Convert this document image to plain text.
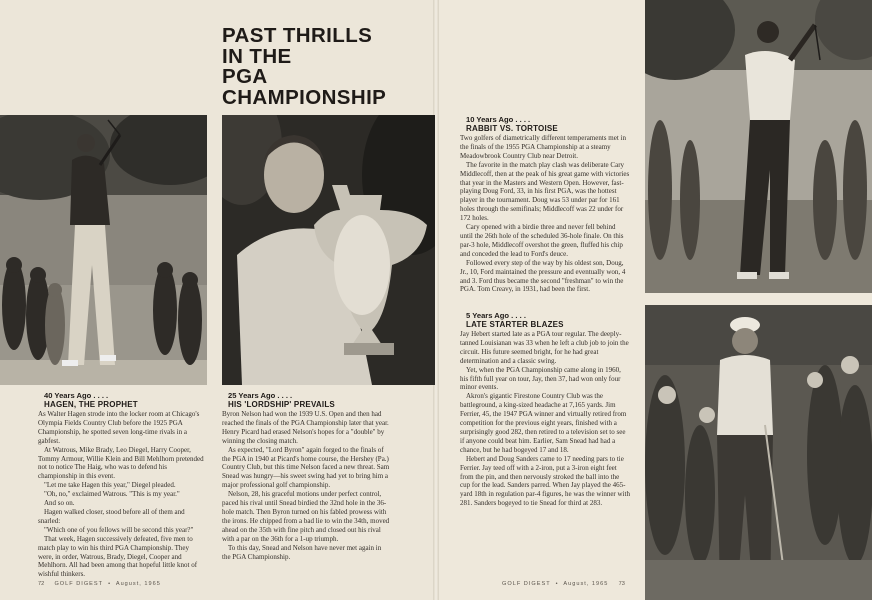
PAST THRILLS
IN THE
PGA
CHAMPIONSHIP

40 Years Ago . . . .

HAGEN, THE PROPHET

As Walter Hagen strode into the locker room at Chicago's Olympia Fields Country Club before the 1925 PGA Championship, he spotted seven long-time rivals in a gabfest.

At Watrous, Mike Brady, Leo Diegel, Harry Cooper, Tommy Armour, Willie Klein and Bill Mehlhorn pretended not to notice The Haig, who was to defend his championship in this event.

"Let me take Hagen this year," Diegel pleaded.

"Oh, no," exclaimed Watrous. "This is my year."

And so on.

Hagen walked closer, stood before all of them and snarled:

"Which one of you fellows will be second this year?"

That week, Hagen successively defeated, five men to match play to win his third PGA Championship. They were, in order, Watrous, Brady, Diegel, Cooper and Mehlhorn. All had been among that hopeful little knot of wishful thinkers.

25 Years Ago . . . .

HIS 'LORDSHIP' PREVAILS

Byron Nelson had won the 1939 U.S. Open and then had reached the finals of the PGA Championship later that year. Henry Picard had erased Nelson's hopes for a "double" by winning the closing match.

As expected, "Lord Byron" again forged to the finals of the PGA in 1940 at Picard's home course, the Hershey (Pa.) Country Club, but this time Nelson faced a new threat. Sam Snead was hungry—his sweet swing had yet to bring him a major professional golf championship.

Nelson, 28, his graceful motions under perfect control, paced his rival until Snead birdied the 32nd hole in the 36-hole match. Then Byron turned on his fabled prowess with the irons. He chipped from a bad lie to win the 34th, moved ahead on the 35th with fine pitch and closed out his rival with a par on the 36th for a 1-up triumph.

To this day, Snead and Nelson have never met again in the PGA Championship.

10 Years Ago . . . .

RABBIT VS. TORTOISE

Two golfers of diametrically different temperaments met in the finals of the 1955 PGA Championship at a steamy Meadowbrook Country Club near Detroit.

The favorite in the match play clash was deliberate Cary Middlecoff, then at the peak of his great game with victories that year in the Masters and Western Open. However, fast-playing Doug Ford, 33, in his first PGA, was the hottest player in the tournament. Doug was 53 under par for 161 holes through the semifinals; Middlecoff was 22 under for 172 holes.

Cary opened with a birdie three and never fell behind until the 26th hole of the scheduled 36-hole finale. On this par-3 hole, Middlecoff overshot the green, fluffed his chip and conceded the lead to Ford's deuce.

Followed every step of the way by his oldest son, Doug, Jr., 10, Ford maintained the pressure and eventually won, 4 and 3. Ford thus became the second "freshman" to win the PGA. Tom Creavy, in 1931, had been the first.

5 Years Ago . . . .

LATE STARTER BLAZES

Jay Hebert started late as a PGA tour regular. The deeply-tanned Louisianan was 33 when he left a club job to join the circuit. His future seemed bright, for he had great determination and a classic swing.

Yet, when the PGA Championship came along in 1960, his fifth full year on tour, Jay, then 37, had won only four minor events.

Akron's gigantic Firestone Country Club was the battleground, a king-sized headache at 7,165 yards. Jim Ferrier, 45, the 1947 PGA winner and virtually retired from competition for the previous eight years, finished with a surprisingly good 282, then retired to a television set to see if anyone could beat him. Earlier, Sam Snead had had a chance, but he had bogeyed 17 and 18.

Hebert and Doug Sanders came to 17 needing pars to tie Ferrier. Jay teed off with a 2-iron, put a 3-iron eight feet from the pin, and then nervously stroked the ball into the cup for the lead. Sanders parred. When Jay played the 465-yard 18th in regulation par-4 figures, he was the winner with 281. Sanders bogeyed to tie Snead for third at 283.

72 GOLF DIGEST  •  August, 1965	GOLF DIGEST  •  August, 1965 73
